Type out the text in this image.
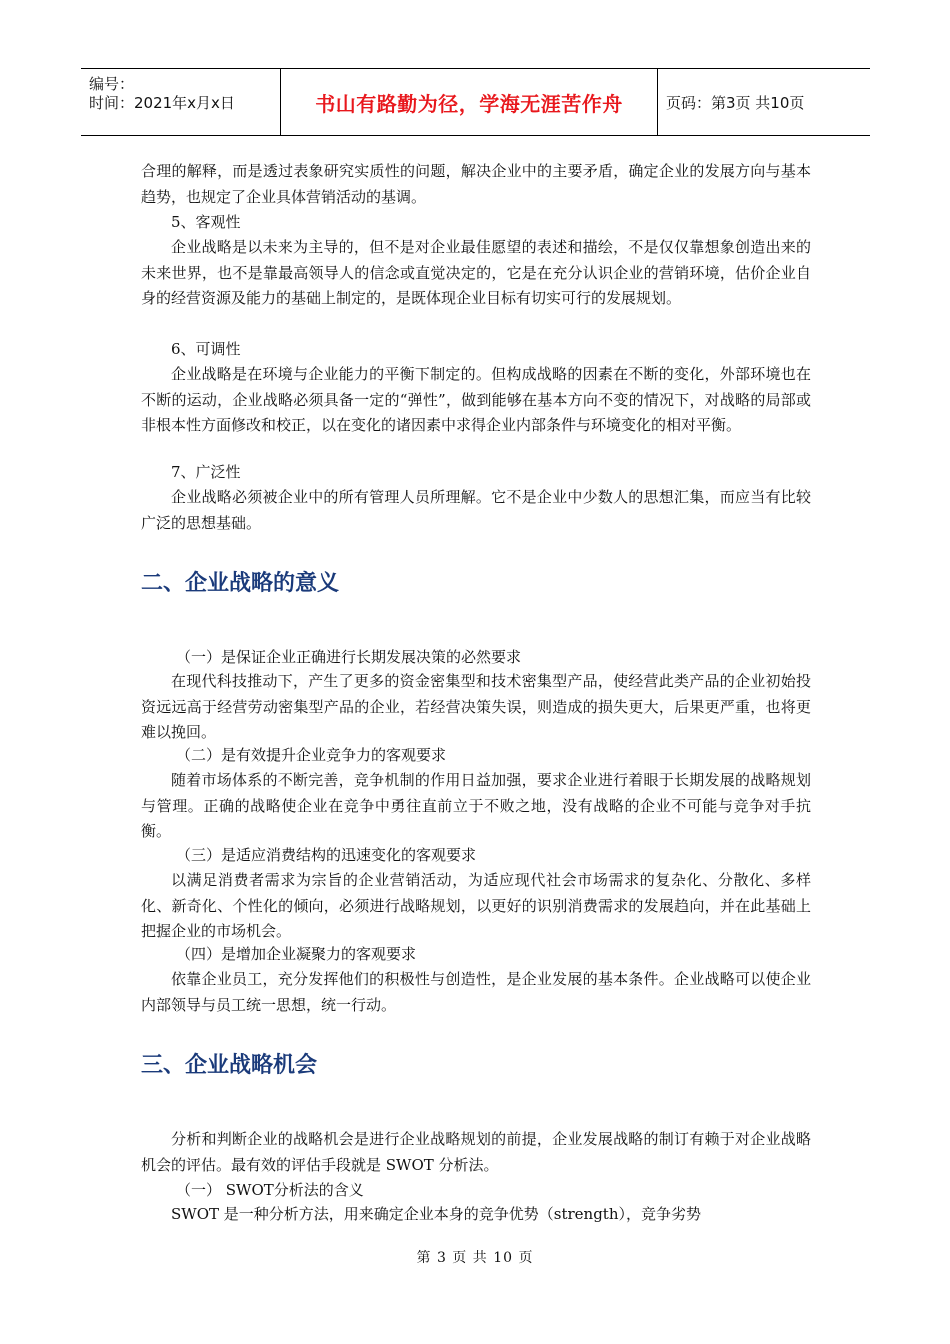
编号：
时间：2021年x月x日	书山有路勤为径，学海无涯苦作舟	页码：第3页 共10页
合理的解释，而是透过表象研究实质性的问题，解决企业中的主要矛盾，确定企业的发展方向与基本趋势，也规定了企业具体营销活动的基调。
5、客观性
企业战略是以未来为主导的，但不是对企业最佳愿望的表述和描绘，不是仅仅靠想象创造出来的未来世界，也不是靠最高领导人的信念或直觉决定的，它是在充分认识企业的营销环境，估价企业自身的经营资源及能力的基础上制定的，是既体现企业目标有切实可行的发展规划。
6、可调性
企业战略是在环境与企业能力的平衡下制定的。但构成战略的因素在不断的变化，外部环境也在不断的运动，企业战略必须具备一定的“弹性”，做到能够在基本方向不变的情况下，对战略的局部或非根本性方面修改和校正，以在变化的诸因素中求得企业内部条件与环境变化的相对平衡。
7、广泛性
企业战略必须被企业中的所有管理人员所理解。它不是企业中少数人的思想汇集，而应当有比较广泛的思想基础。
二、企业战略的意义
（一）是保证企业正确进行长期发展决策的必然要求
在现代科技推动下，产生了更多的资金密集型和技术密集型产品，使经营此类产品的企业初始投资远远高于经营劳动密集型产品的企业，若经营决策失误，则造成的损失更大，后果更严重，也将更难以挽回。
（二）是有效提升企业竞争力的客观要求
随着市场体系的不断完善，竞争机制的作用日益加强，要求企业进行着眼于长期发展的战略规划与管理。正确的战略使企业在竞争中勇往直前立于不败之地，没有战略的企业不可能与竞争对手抗衡。
（三）是适应消费结构的迅速变化的客观要求
以满足消费者需求为宗旨的企业营销活动，为适应现代社会市场需求的复杂化、分散化、多样化、新奇化、个性化的倾向，必须进行战略规划，以更好的识别消费需求的发展趋向，并在此基础上把握企业的市场机会。
（四）是增加企业凝聚力的客观要求
依靠企业员工，充分发挥他们的积极性与创造性，是企业发展的基本条件。企业战略可以使企业内部领导与员工统一思想，统一行动。
三、企业战略机会
分析和判断企业的战略机会是进行企业战略规划的前提，企业发展战略的制订有赖于对企业战略机会的评估。最有效的评估手段就是 SWOT 分析法。
（一） SWOT分析法的含义
SWOT 是一种分析方法，用来确定企业本身的竞争优势（strength），竞争劣势
第 3 页 共 10 页
